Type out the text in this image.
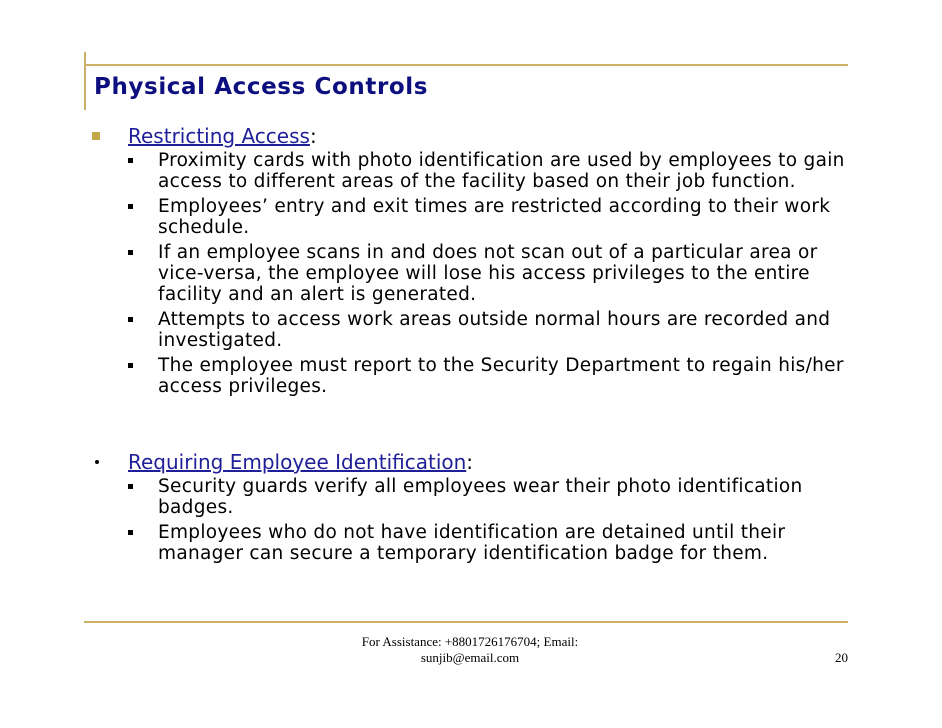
Physical Access Controls
Restricting Access:
Proximity cards with photo identification are used by employees to gain access to different areas of the facility based on their job function.
Employees’ entry and exit times are restricted according to their work schedule.
If an employee scans in and does not scan out of a particular area or vice-versa, the employee will lose his access privileges to the entire facility and an alert is generated.
Attempts to access work areas outside normal hours are recorded and investigated.
The employee must report to the Security Department to regain his/her access privileges.
Requiring Employee Identification:
Security guards verify all employees wear their photo identification badges.
Employees who do not have identification are detained until their manager can secure a temporary identification badge for them.
For Assistance: +8801726176704; Email:
sunjib@email.com	20
